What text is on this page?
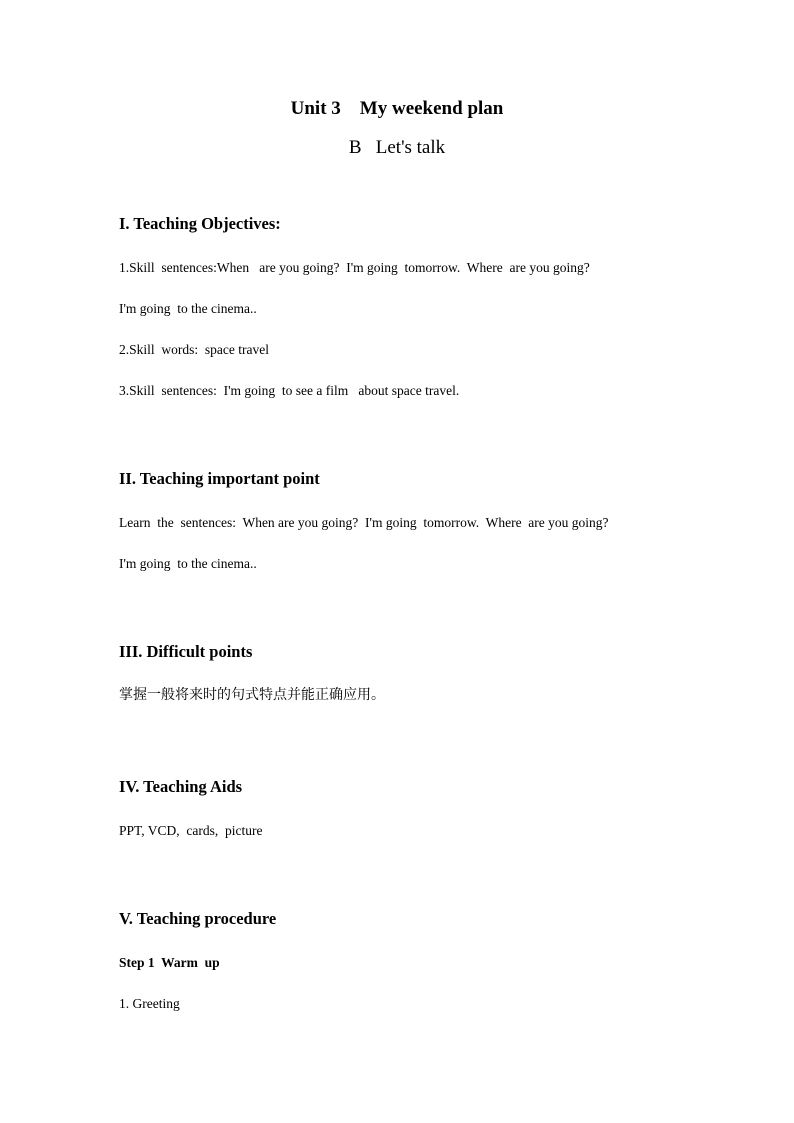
Unit 3    My weekend plan
B   Let's talk
I. Teaching Objectives:
1.Skill  sentences:When   are you going?  I'm going  tomorrow.  Where  are you going?
I'm going  to the cinema..
2.Skill  words:  space travel
3.Skill  sentences:  I'm going  to see a film   about space travel.
II. Teaching important point
Learn  the  sentences:  When are you going?  I'm going  tomorrow.  Where  are you going?
I'm going  to the cinema..
III. Difficult points
掌握一般将来时的句式特点并能正确应用。
IV. Teaching Aids
PPT, VCD,  cards,  picture
V. Teaching procedure
Step 1  Warm  up
1. Greeting
